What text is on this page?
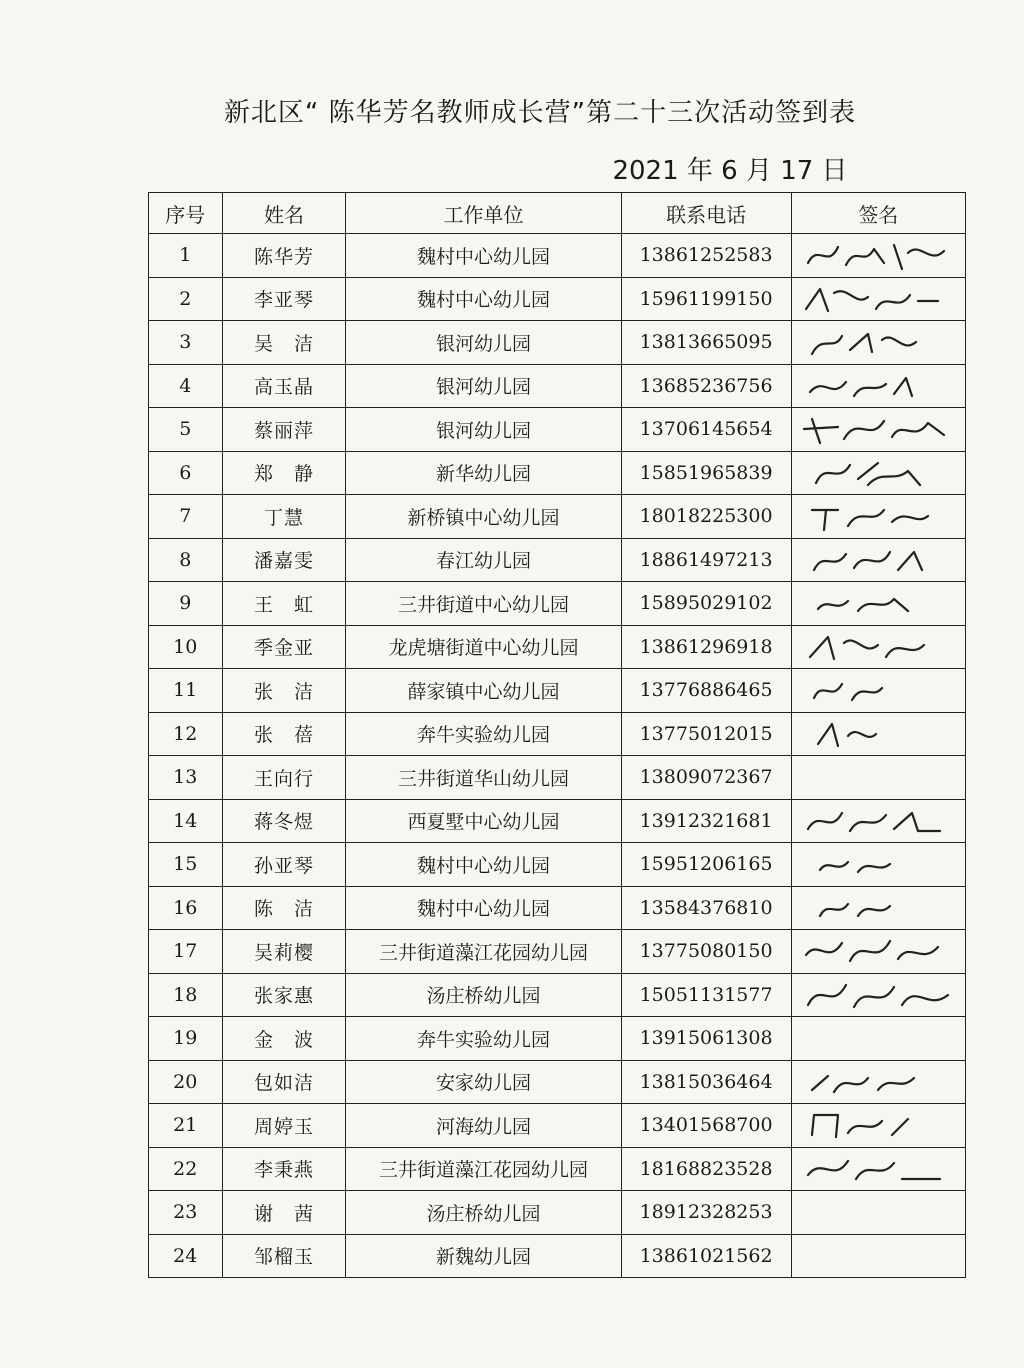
新北区“ 陈华芳名教师成长营”第二十三次活动签到表
2021 年 6 月 17 日
序号	姓名	工作单位	联系电话	签名
1	陈华芳	魏村中心幼儿园	13861252583	

2	李亚琴	魏村中心幼儿园	15961199150	

3	吴　洁	银河幼儿园	13813665095	

4	高玉晶	银河幼儿园	13685236756	

5	蔡丽萍	银河幼儿园	13706145654	

6	郑　静	新华幼儿园	15851965839	

7	丁慧	新桥镇中心幼儿园	18018225300	

8	潘嘉雯	春江幼儿园	18861497213	

9	王　虹	三井街道中心幼儿园	15895029102	

10	季金亚	龙虎塘街道中心幼儿园	13861296918	

11	张　洁	薛家镇中心幼儿园	13776886465	

12	张　蓓	奔牛实验幼儿园	13775012015	

13	王向行	三井街道华山幼儿园	13809072367	
14	蒋冬煜	西夏墅中心幼儿园	13912321681	

15	孙亚琴	魏村中心幼儿园	15951206165	

16	陈　洁	魏村中心幼儿园	13584376810	

17	吴莉樱	三井街道藻江花园幼儿园	13775080150	

18	张家惠	汤庄桥幼儿园	15051131577	

19	金　波	奔牛实验幼儿园	13915061308	
20	包如洁	安家幼儿园	13815036464	

21	周婷玉	河海幼儿园	13401568700	

22	李秉燕	三井街道藻江花园幼儿园	18168823528	

23	谢　茜	汤庄桥幼儿园	18912328253	
24	邹榴玉	新魏幼儿园	13861021562	
